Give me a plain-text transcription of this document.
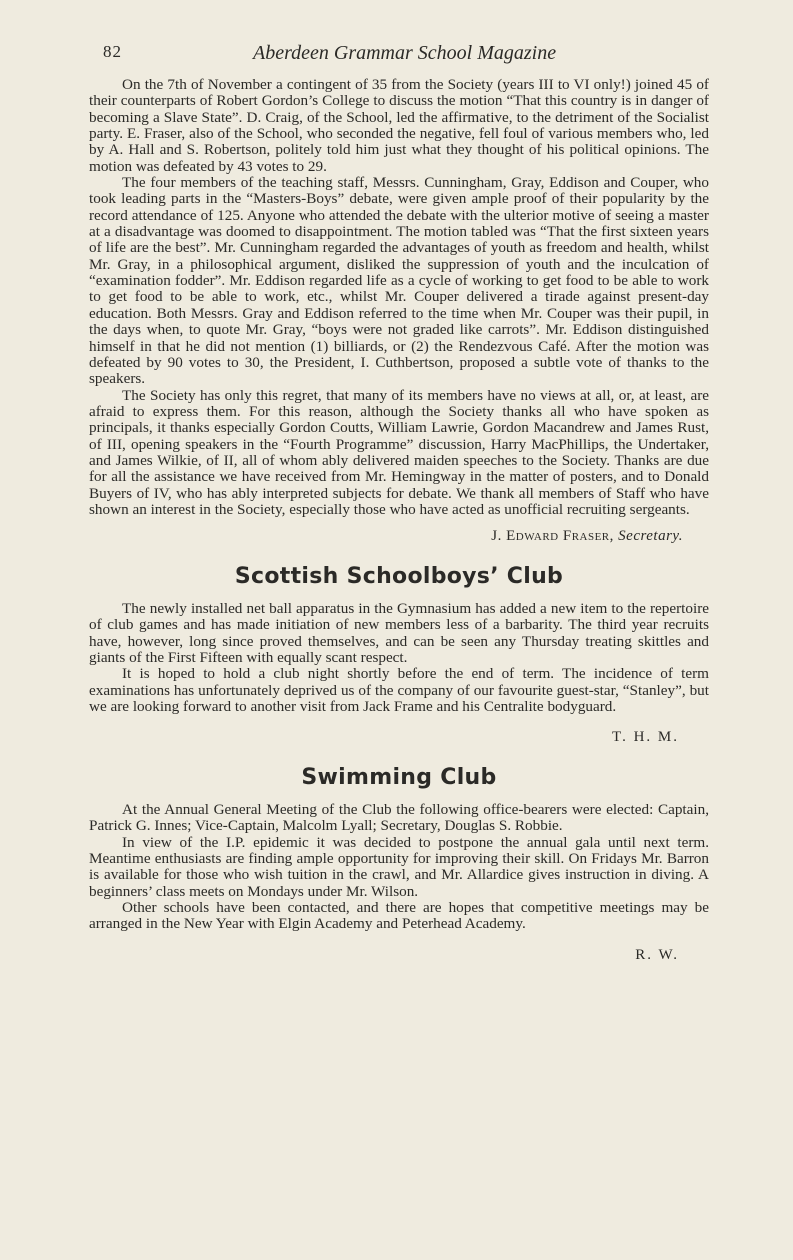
82	Aberdeen Grammar School Magazine

On the 7th of November a contingent of 35 from the Society (years III to VI only!) joined 45 of their counterparts of Robert Gordon’s College to discuss the motion “That this country is in danger of becoming a Slave State”. D. Craig, of the School, led the affirmative, to the detriment of the Socialist party. E. Fraser, also of the School, who seconded the negative, fell foul of various members who, led by A. Hall and S. Robertson, politely told him just what they thought of his political opinions. The motion was defeated by 43 votes to 29.

The four members of the teaching staff, Messrs. Cunningham, Gray, Eddison and Couper, who took leading parts in the “Masters-Boys” debate, were given ample proof of their popularity by the record attendance of 125. Anyone who attended the debate with the ulterior motive of seeing a master at a disadvantage was doomed to disappointment. The motion tabled was “That the first sixteen years of life are the best”. Mr. Cunningham regarded the advantages of youth as freedom and health, whilst Mr. Gray, in a philosophical argument, disliked the suppression of youth and the inculcation of “examination fodder”. Mr. Eddison regarded life as a cycle of working to get food to be able to work to get food to be able to work, etc., whilst Mr. Couper delivered a tirade against present-day education. Both Messrs. Gray and Eddison referred to the time when Mr. Couper was their pupil, in the days when, to quote Mr. Gray, “boys were not graded like carrots”. Mr. Eddison distinguished himself in that he did not mention (1) billiards, or (2) the Rendezvous Café. After the motion was defeated by 90 votes to 30, the President, I. Cuthbertson, proposed a subtle vote of thanks to the speakers.

The Society has only this regret, that many of its members have no views at all, or, at least, are afraid to express them. For this reason, although the Society thanks all who have spoken as principals, it thanks especially Gordon Coutts, William Lawrie, Gordon Macandrew and James Rust, of III, opening speakers in the “Fourth Programme” discussion, Harry MacPhillips, the Undertaker, and James Wilkie, of II, all of whom ably delivered maiden speeches to the Society. Thanks are due for all the assistance we have received from Mr. Hemingway in the matter of posters, and to Donald Buyers of IV, who has ably interpreted subjects for debate. We thank all members of Staff who have shown an interest in the Society, especially those who have acted as unofficial recruiting sergeants.

J. Edward Fraser, Secretary.
Scottish Schoolboys’ Club

The newly installed net ball apparatus in the Gymnasium has added a new item to the repertoire of club games and has made initiation of new members less of a barbarity. The third year recruits have, however, long since proved themselves, and can be seen any Thursday treating skittles and giants of the First Fifteen with equally scant respect.

It is hoped to hold a club night shortly before the end of term. The incidence of term examinations has unfortunately deprived us of the company of our favourite guest-star, “Stanley”, but we are looking forward to another visit from Jack Frame and his Centralite bodyguard.

T. H. M.
Swimming Club

At the Annual General Meeting of the Club the following office-bearers were elected: Captain, Patrick G. Innes; Vice-Captain, Malcolm Lyall; Secretary, Douglas S. Robbie.

In view of the I.P. epidemic it was decided to postpone the annual gala until next term. Meantime enthusiasts are finding ample opportunity for improving their skill. On Fridays Mr. Barron is available for those who wish tuition in the crawl, and Mr. Allardice gives instruction in diving. A beginners’ class meets on Mondays under Mr. Wilson.

Other schools have been contacted, and there are hopes that competitive meetings may be arranged in the New Year with Elgin Academy and Peterhead Academy.

R. W.
